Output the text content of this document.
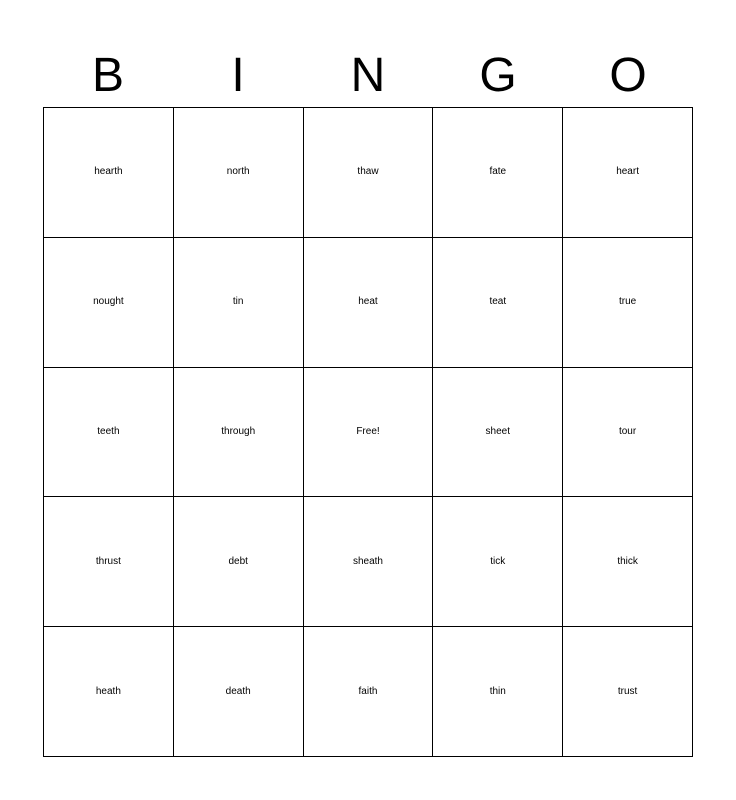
B	I	N	G	O
hearth	north	thaw	fate	heart
nought	tin	heat	teat	true
teeth	through	Free!	sheet	tour
thrust	debt	sheath	tick	thick
heath	death	faith	thin	trust
